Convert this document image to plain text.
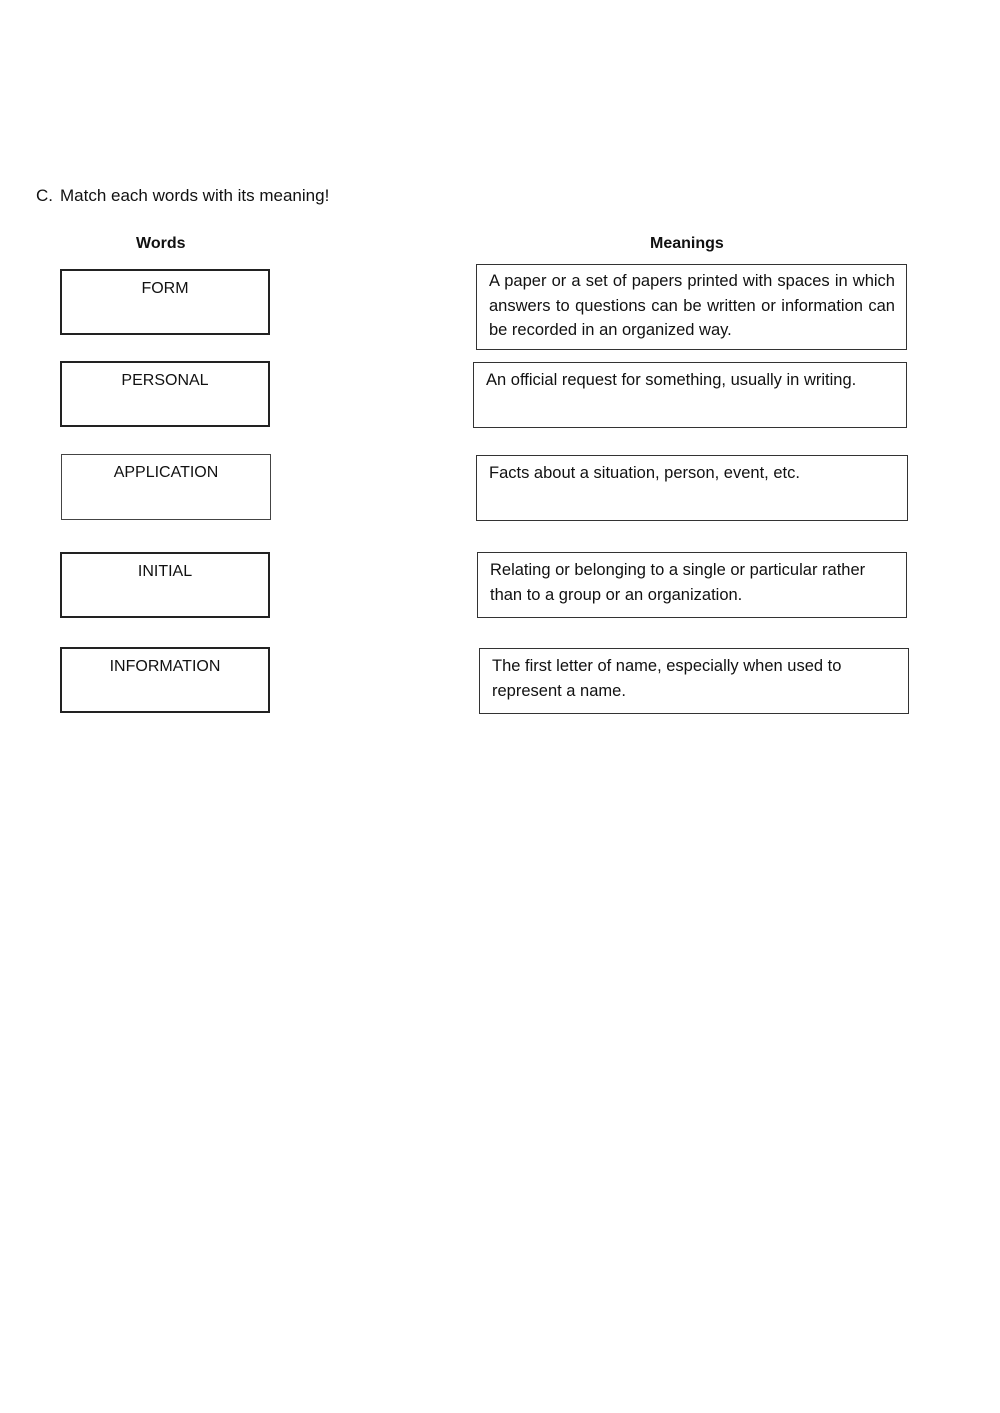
C. Match each words with its meaning!
Words	Meanings
FORM
PERSONAL
APPLICATION
INITIAL
INFORMATION
A paper or a set of papers printed with spaces in which answers to questions can be written or information can be recorded in an organized way.
An official request for something, usually in writing.
Facts about a situation, person, event, etc.
Relating or belonging to a single or particular rather than to a group or an organization.
The first letter of name, especially when used to represent a name.
